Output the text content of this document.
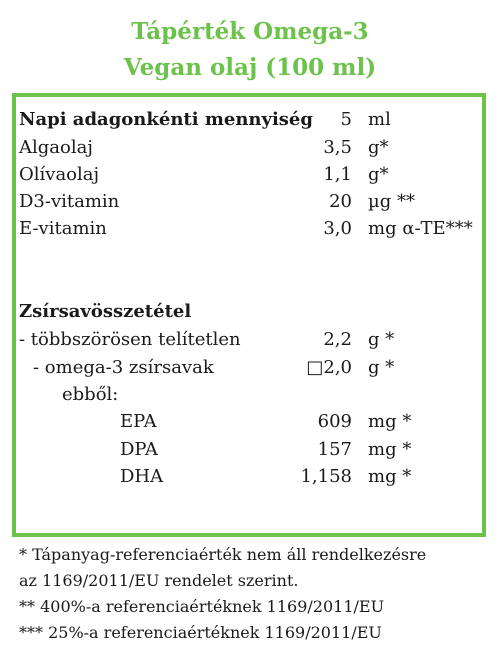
Tápérték Omega-3
Vegan olaj (100 ml)
Napi adagonkénti mennyiség 5 ml
Algaolaj	3,5 g*
Olívaolaj	1,1 g*
D3-vitamin	20 µg **
E-vitamin	3,0 mg α-TE***
Zsírsavösszetétel
- többszörösen telítetlen	2,2 g *
- omega-3 zsírsavak	□2,0 g *
ebből:
EPA	609 mg *
DPA	157 mg *
DHA	1,158 mg *
* Tápanyag-referenciaérték nem áll rendelkezésre
az 1169/2011/EU rendelet szerint.
** 400%-a referenciaértéknek 1169/2011/EU
*** 25%-a referenciaértéknek 1169/2011/EU
